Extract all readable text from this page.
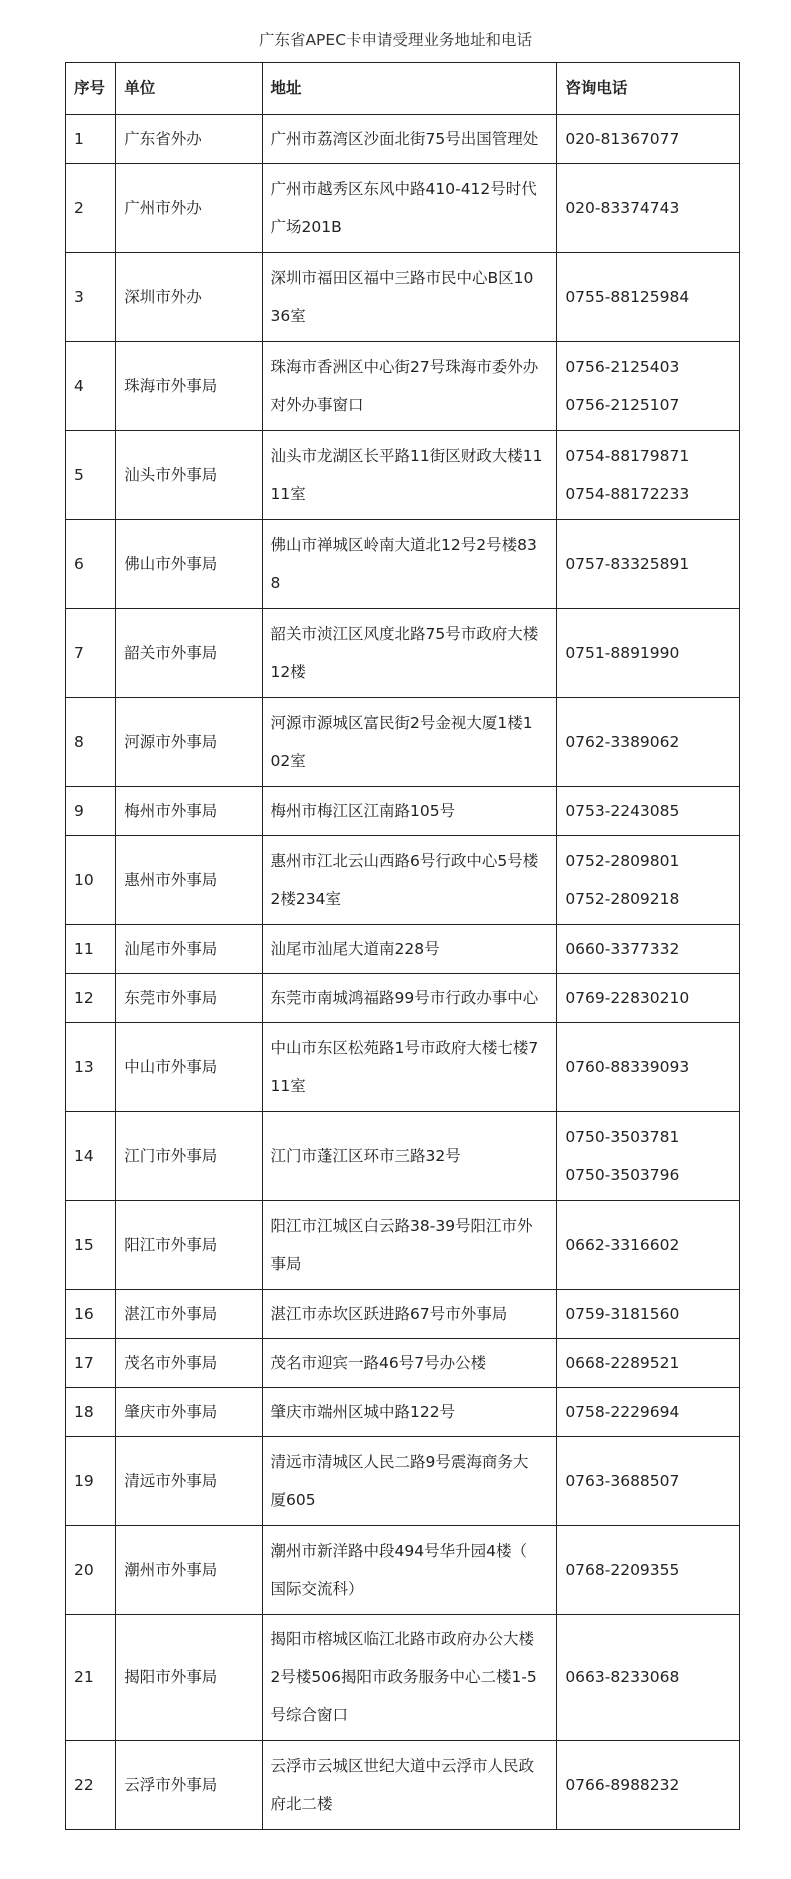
广东省APEC卡申请受理业务地址和电话
序号	单位	地址	咨询电话
1	广东省外办	广州市荔湾区沙面北街75号出国管理处	020-81367077

2	广州市外办	广州市越秀区东风中路410-412号时代
广场201B	020-83374743

3	深圳市外办	深圳市福田区福中三路市民中心B区10
36室	0755-88125984

4	珠海市外事局	珠海市香洲区中心街27号珠海市委外办
对外办事窗口	0756-2125403
0756-2125107

5	汕头市外事局	汕头市龙湖区长平路11街区财政大楼11
11室	0754-88179871
0754-88172233

6	佛山市外事局	佛山市禅城区岭南大道北12号2号楼83
8	0757-83325891

7	韶关市外事局	韶关市浈江区风度北路75号市政府大楼
12楼	0751-8891990

8	河源市外事局	河源市源城区富民街2号金视大厦1楼1
02室	0762-3389062

9	梅州市外事局	梅州市梅江区江南路105号	0753-2243085

10	惠州市外事局	惠州市江北云山西路6号行政中心5号楼
2楼234室	0752-2809801
0752-2809218

11	汕尾市外事局	汕尾市汕尾大道南228号	0660-3377332

12	东莞市外事局	东莞市南城鸿福路99号市行政办事中心	0769-22830210

13	中山市外事局	中山市东区松苑路1号市政府大楼七楼7
11室	0760-88339093

14	江门市外事局	江门市蓬江区环市三路32号	0750-3503781
0750-3503796

15	阳江市外事局	阳江市江城区白云路38-39号阳江市外
事局	0662-3316602

16	湛江市外事局	湛江市赤坎区跃进路67号市外事局	0759-3181560

17	茂名市外事局	茂名市迎宾一路46号7号办公楼	0668-2289521

18	肇庆市外事局	肇庆市端州区城中路122号	0758-2229694

19	清远市外事局	清远市清城区人民二路9号震海商务大
厦605	0763-3688507

20	潮州市外事局	潮州市新洋路中段494号华升园4楼（
国际交流科）	0768-2209355

21	揭阳市外事局	揭阳市榕城区临江北路市政府办公大楼
2号楼506揭阳市政务服务中心二楼1-5
号综合窗口	0663-8233068

22	云浮市外事局	云浮市云城区世纪大道中云浮市人民政
府北二楼	0766-8988232
